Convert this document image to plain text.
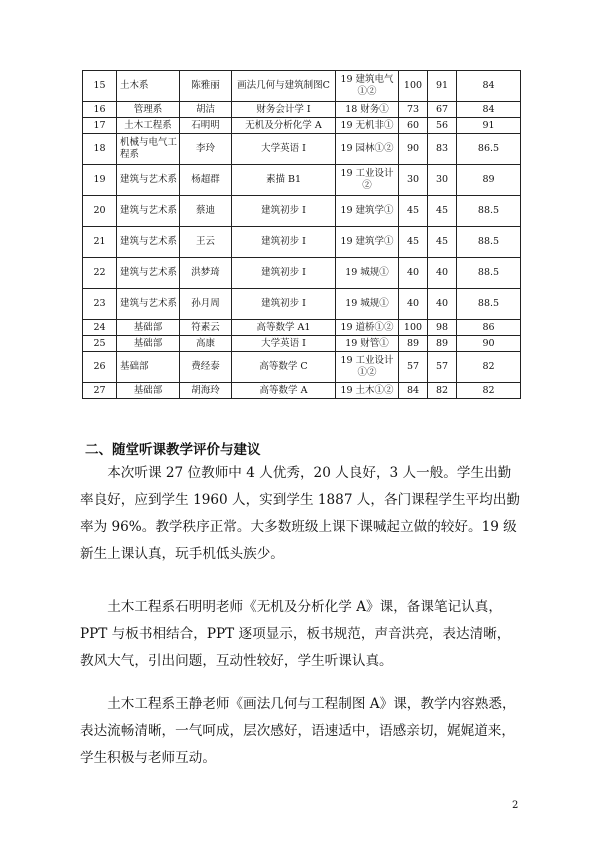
15	土木系	陈雅丽	画法几何与建筑制图C	19 建筑电气①②	100	91	84
16	管理系	胡洁	财务会计学 I	18 财务①	73	67	84
17	土木工程系	石明明	无机及分析化学 A	19 无机非①	60	56	91
18	机械与电气工程系	李玲	大学英语 I	19 园林①②	90	83	86.5
19	建筑与艺术系	杨超群	素描 B1	19 工业设计②	30	30	89
20	建筑与艺术系	蔡迪	建筑初步 I	19 建筑学①	45	45	88.5
21	建筑与艺术系	王云	建筑初步 I	19 建筑学①	45	45	88.5
22	建筑与艺术系	洪梦琦	建筑初步 I	19 城规①	40	40	88.5
23	建筑与艺术系	孙月周	建筑初步 I	19 城规①	40	40	88.5
24	基础部	符素云	高等数学 A1	19 道桥①②	100	98	86
25	基础部	高康	大学英语 I	19 财管①	89	89	90
26	基础部	费经泰	高等数学 C	19 工业设计①②	57	57	82
27	基础部	胡海玲	高等数学 A	19 土木①②	84	82	82
二、随堂听课教学评价与建议

本次听课 27 位教师中 4 人优秀，20 人良好，3 人一般。学生出勤率良好，应到学生 1960 人，实到学生 1887 人，各门课程学生平均出勤率为 96%。教学秩序正常。大多数班级上课下课喊起立做的较好。19 级新生上课认真，玩手机低头族少。

土木工程系石明明老师《无机及分析化学 A》课，备课笔记认真，PPT 与板书相结合，PPT 逐项显示，板书规范，声音洪亮，表达清晰，教风大气，引出问题，互动性较好，学生听课认真。

土木工程系王静老师《画法几何与工程制图 A》课，教学内容熟悉，表达流畅清晰，一气呵成，层次感好，语速适中，语感亲切，娓娓道来，学生积极与老师互动。

2
